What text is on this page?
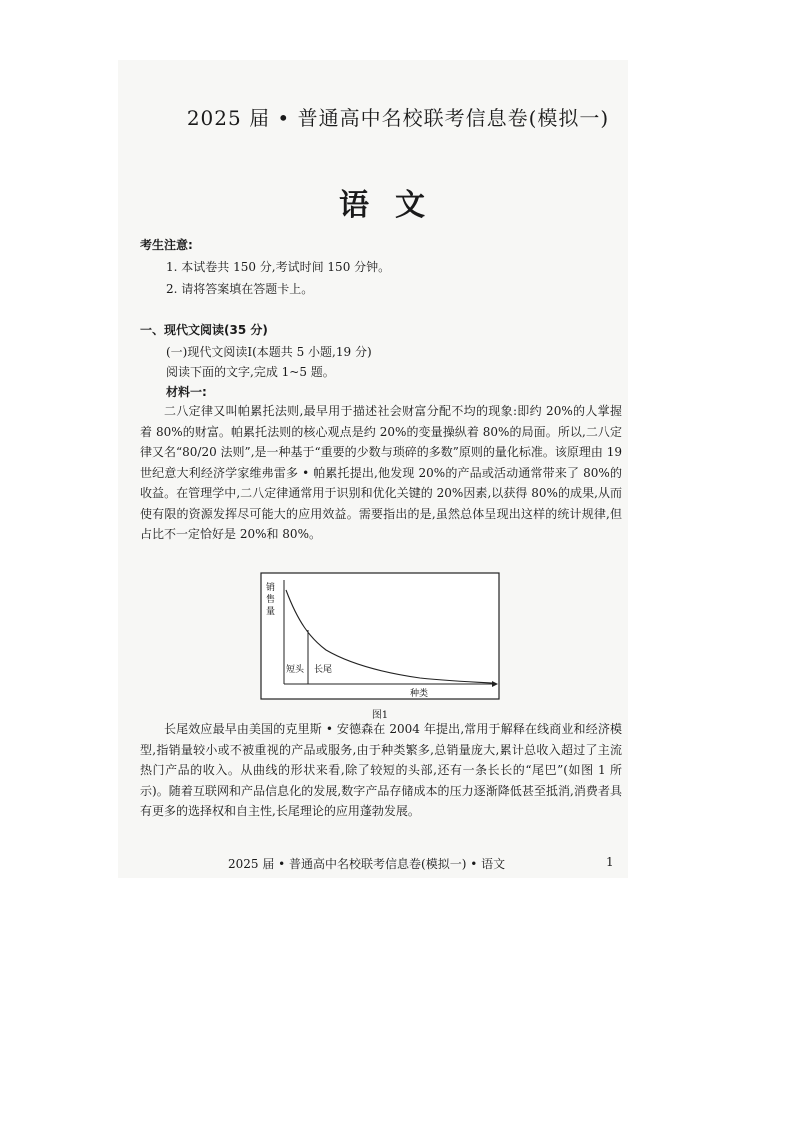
2025 届 • 普通高中名校联考信息卷(模拟一)
语文
考生注意:
1. 本试卷共 150 分,考试时间 150 分钟。
2. 请将答案填在答题卡上。
一、现代文阅读(35 分)
(一)现代文阅读Ⅰ(本题共 5 小题,19 分)
阅读下面的文字,完成 1~5 题。
材料一:

二八定律又叫帕累托法则,最早用于描述社会财富分配不均的现象:即约 20%的人掌握着 80%的财富。帕累托法则的核心观点是约 20%的变量操纵着 80%的局面。所以,二八定律又名“80/20 法则”,是一种基于“重要的少数与琐碎的多数”原则的量化标准。该原理由 19 世纪意大利经济学家维弗雷多 • 帕累托提出,他发现 20%的产品或活动通常带来了 80%的收益。在管理学中,二八定律通常用于识别和优化关键的 20%因素,以获得 80%的成果,从而使有限的资源发挥尽可能大的应用效益。需要指出的是,虽然总体呈现出这样的统计规律,但占比不一定恰好是 20%和 80%。

销
售
量
短头 长尾
种类
图1

长尾效应最早由美国的克里斯 • 安德森在 2004 年提出,常用于解释在线商业和经济模型,指销量较小或不被重视的产品或服务,由于种类繁多,总销量庞大,累计总收入超过了主流热门产品的收入。从曲线的形状来看,除了较短的头部,还有一条长长的“尾巴”(如图 1 所示)。随着互联网和产品信息化的发展,数字产品存储成本的压力逐渐降低甚至抵消,消费者具有更多的选择权和自主性,长尾理论的应用蓬勃发展。

2025 届 • 普通高中名校联考信息卷(模拟一) • 语文	1
